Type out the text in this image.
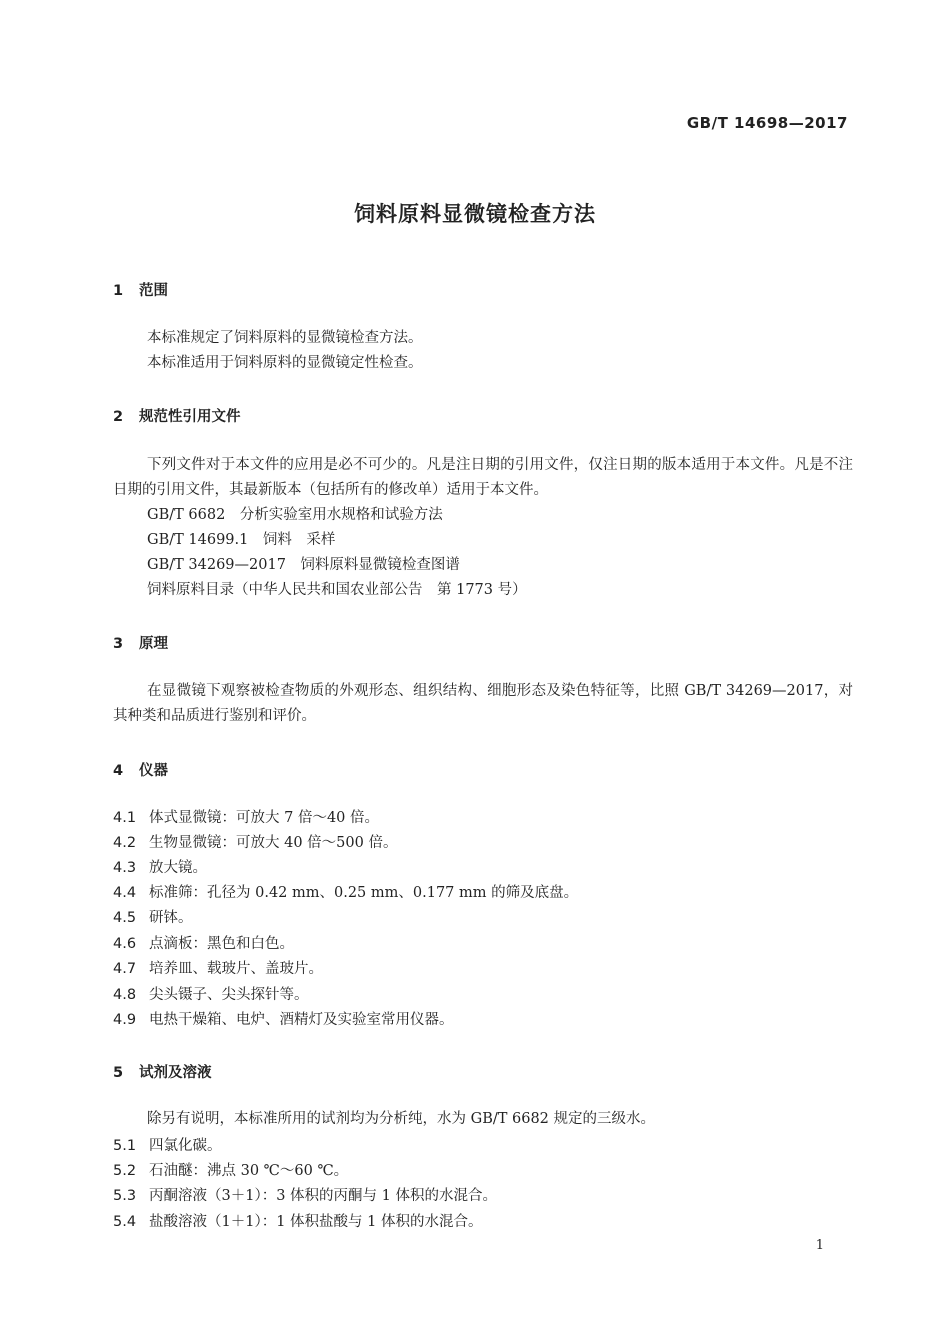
GB/T 14698—2017
饲料原料显微镜检查方法
1 范围
本标准规定了饲料原料的显微镜检查方法。
本标准适用于饲料原料的显微镜定性检查。
2 规范性引用文件
下列文件对于本文件的应用是必不可少的。凡是注日期的引用文件，仅注日期的版本适用于本文件。凡是不注日期的引用文件，其最新版本（包括所有的修改单）适用于本文件。
GB/T 6682　分析实验室用水规格和试验方法
GB/T 14699.1　饲料　采样
GB/T 34269—2017　饲料原料显微镜检查图谱
饲料原料目录（中华人民共和国农业部公告　第 1773 号）
3 原理
在显微镜下观察被检查物质的外观形态、组织结构、细胞形态及染色特征等，比照 GB/T 34269—2017，对其种类和品质进行鉴别和评价。
4 仪器
4.1 体式显微镜：可放大 7 倍～40 倍。
4.2 生物显微镜：可放大 40 倍～500 倍。
4.3 放大镜。
4.4 标准筛：孔径为 0.42 mm、0.25 mm、0.177 mm 的筛及底盘。
4.5 研钵。
4.6 点滴板：黑色和白色。
4.7 培养皿、载玻片、盖玻片。
4.8 尖头镊子、尖头探针等。
4.9 电热干燥箱、电炉、酒精灯及实验室常用仪器。
5 试剂及溶液
除另有说明，本标准所用的试剂均为分析纯，水为 GB/T 6682 规定的三级水。
5.1 四氯化碳。
5.2 石油醚：沸点 30 ℃～60 ℃。
5.3 丙酮溶液（3＋1）：3 体积的丙酮与 1 体积的水混合。
5.4 盐酸溶液（1＋1）：1 体积盐酸与 1 体积的水混合。
1
